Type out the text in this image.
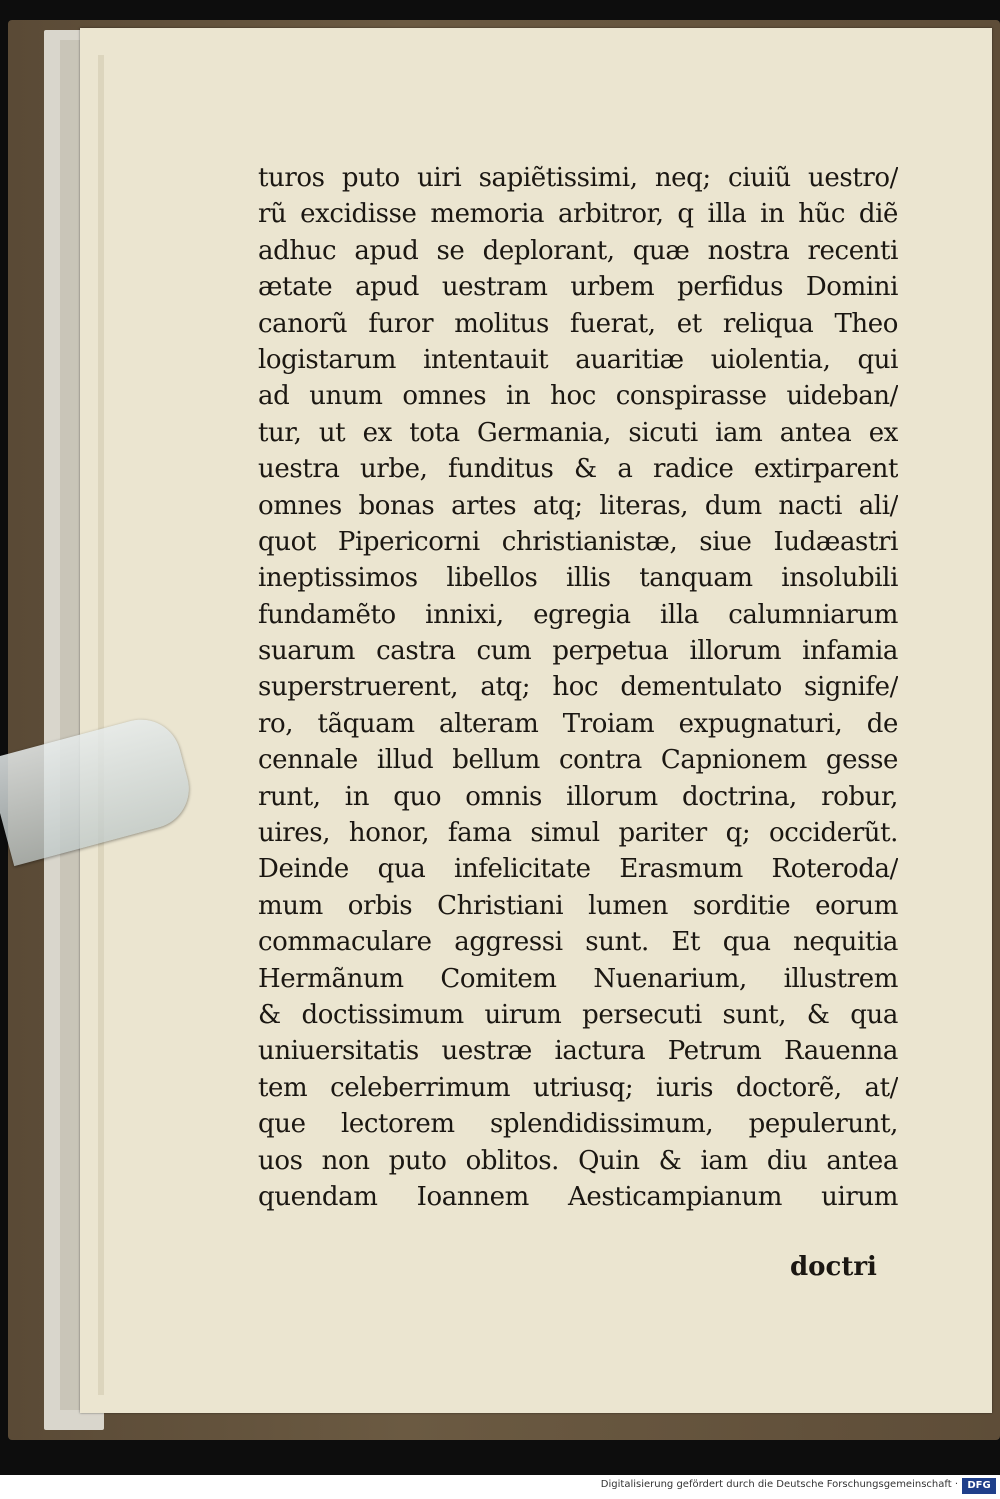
turos puto uiri sapiẽtissimi, neq; ciuiũ uestro/
rũ excidisse memoria arbitror, q illa in hũc diẽ
adhuc apud se deplorant, quæ nostra recenti
ætate apud uestram urbem perfidus Domini
canorũ furor molitus fuerat, et reliqua Theo
logistarum intentauit auaritiæ uiolentia, qui
ad unum omnes in hoc conspirasse uideban/
tur, ut ex tota Germania, sicuti iam antea ex
uestra urbe, funditus & a radice extirparent
omnes bonas artes atq; literas, dum nacti ali/
quot Pipericorni christianistæ, siue Iudæastri
ineptissimos libellos illis tanquam insolubili
fundamẽto innixi, egregia illa calumniarum
suarum castra cum perpetua illorum infamia
superstruerent, atq; hoc dementulato signife/
ro, tãquam alteram Troiam expugnaturi, de
cennale illud bellum contra Capnionem gesse
runt, in quo omnis illorum doctrina, robur,
uires, honor, fama simul pariter q; occiderũt.
Deinde qua infelicitate Erasmum Roteroda/
mum orbis Christiani lumen sorditie eorum
commaculare aggressi sunt. Et qua nequitia
Hermãnum Comitem Nuenarium, illustrem
& doctissimum uirum persecuti sunt, & qua
uniuersitatis uestræ iactura Petrum Rauenna
tem celeberrimum utriusq; iuris doctorẽ, at/
que lectorem splendidissimum, pepulerunt,
uos non puto oblitos. Quin & iam diu antea
quendam Ioannem Aesticampianum uirum
doctri
Digitalisierung gefördert durch die Deutsche Forschungsgemeinschaft · DFG
